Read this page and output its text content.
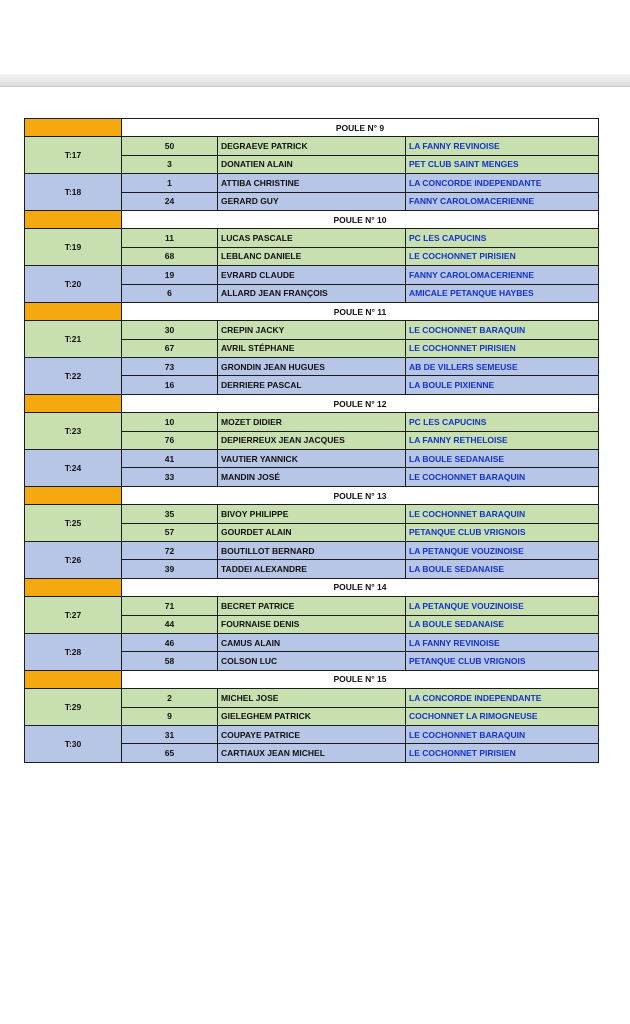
	POULE N° 9		
T:17	50	DEGRAEVE PATRICK	LA FANNY REVINOISE
	3	DONATIEN ALAIN	PET CLUB SAINT MENGES
T:18	1	ATTIBA CHRISTINE	LA CONCORDE INDEPENDANTE
	24	GERARD GUY	FANNY CAROLOMACERIENNE
	POULE N° 10		
T:19	11	LUCAS PASCALE	PC LES CAPUCINS
	68	LEBLANC DANIELE	LE COCHONNET PIRISIEN
T:20	19	EVRARD CLAUDE	FANNY CAROLOMACERIENNE
	6	ALLARD JEAN FRANÇOIS	AMICALE PETANQUE HAYBES
	POULE N° 11		
T:21	30	CREPIN JACKY	LE COCHONNET BARAQUIN
	67	AVRIL STÉPHANE	LE COCHONNET PIRISIEN
T:22	73	GRONDIN JEAN HUGUES	AB DE VILLERS SEMEUSE
	16	DERRIERE PASCAL	LA BOULE PIXIENNE
	POULE N° 12		
T:23	10	MOZET DIDIER	PC LES CAPUCINS
	76	DEPIERREUX JEAN JACQUES	LA FANNY RETHELOISE
T:24	41	VAUTIER YANNICK	LA BOULE SEDANAISE
	33	MANDIN JOSÉ	LE COCHONNET BARAQUIN
	POULE N° 13		
T:25	35	BIVOY PHILIPPE	LE COCHONNET BARAQUIN
	57	GOURDET ALAIN	PETANQUE CLUB VRIGNOIS
T:26	72	BOUTILLOT BERNARD	LA PETANQUE VOUZINOISE
	39	TADDEI ALEXANDRE	LA BOULE SEDANAISE
	POULE N° 14		
T:27	71	BECRET PATRICE	LA PETANQUE VOUZINOISE
	44	FOURNAISE DENIS	LA BOULE SEDANAISE
T:28	46	CAMUS ALAIN	LA FANNY REVINOISE
	58	COLSON LUC	PETANQUE CLUB VRIGNOIS
	POULE N° 15		
T:29	2	MICHEL JOSE	LA CONCORDE INDEPENDANTE
	9	GIELEGHEM PATRICK	COCHONNET LA RIMOGNEUSE
T:30	31	COUPAYE PATRICE	LE COCHONNET BARAQUIN
	65	CARTIAUX JEAN MICHEL	LE COCHONNET PIRISIEN
